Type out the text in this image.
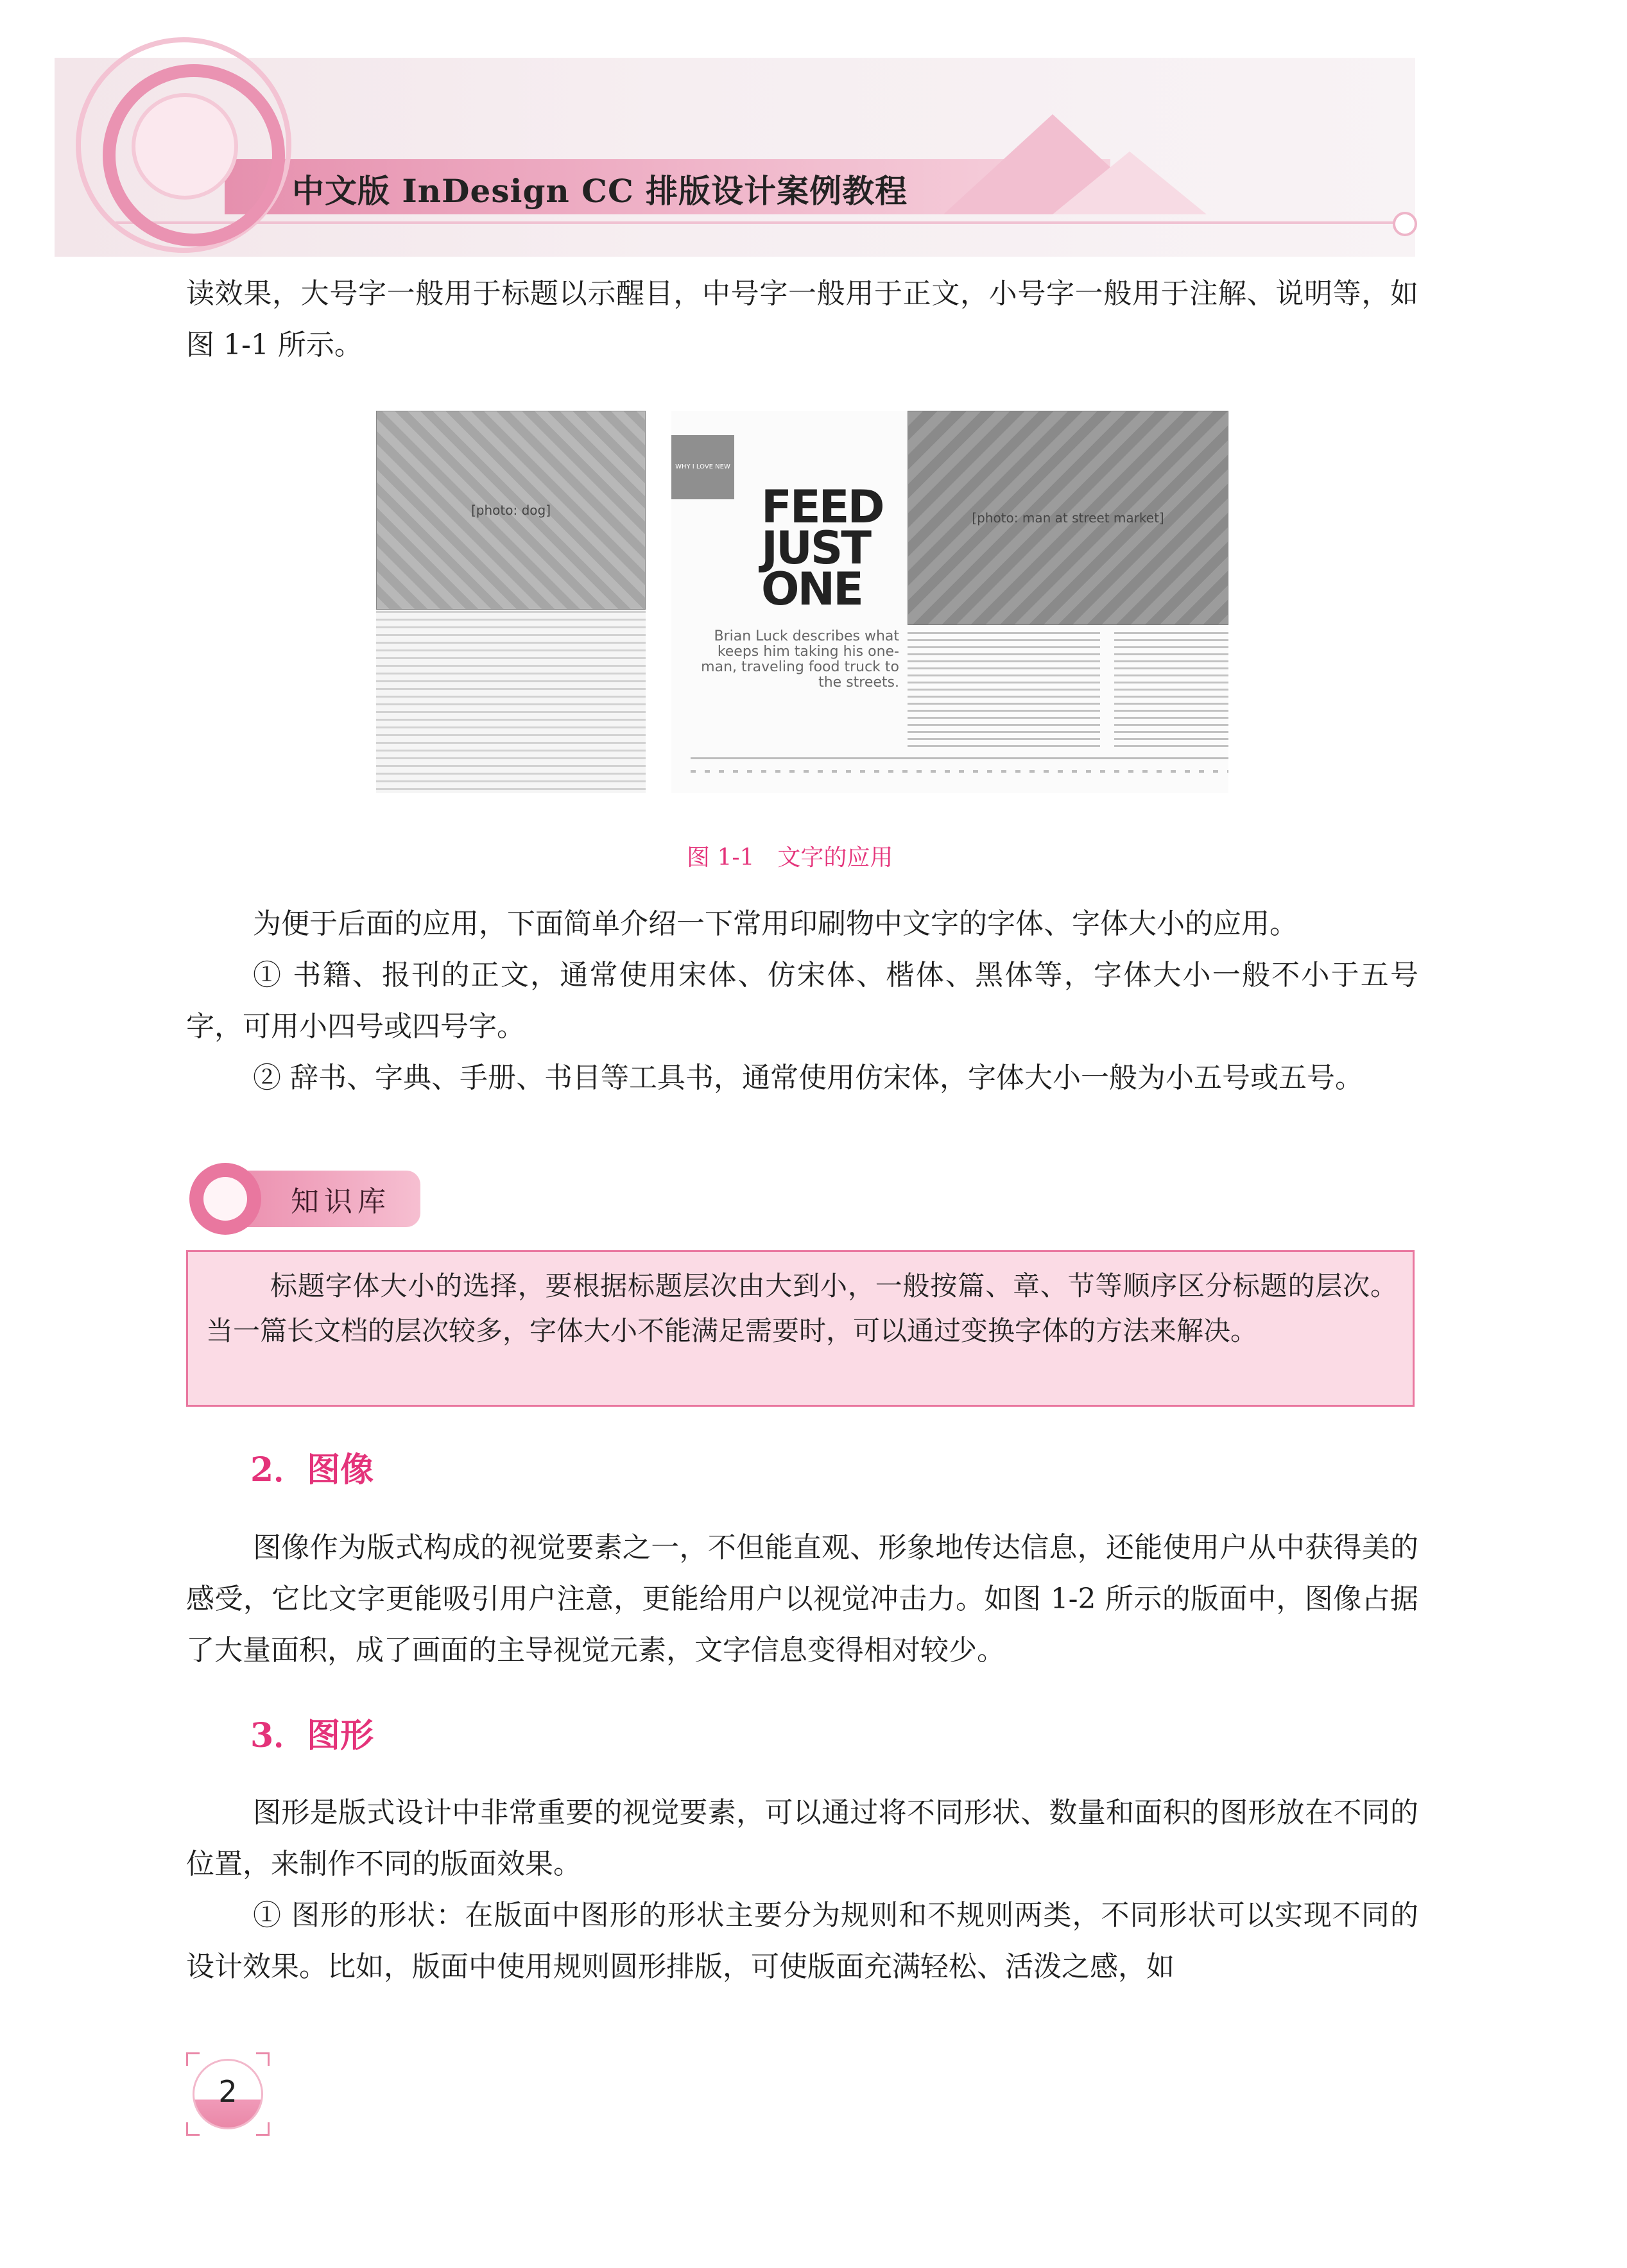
中文版 InDesign CC 排版设计案例教程

读效果，大号字一般用于标题以示醒目，中号字一般用于正文，小号字一般用于注解、说明等，如图 1-1 所示。

[photo: dog]
WHY I LOVE NEW
FEED
JUST
ONE
Brian Luck describes what keeps him taking his one-man, traveling food truck to the streets.
[photo: man at street market]
图 1-1　文字的应用

为便于后面的应用，下面简单介绍一下常用印刷物中文字的字体、字体大小的应用。

① 书籍、报刊的正文，通常使用宋体、仿宋体、楷体、黑体等，字体大小一般不小于五号字，可用小四号或四号字。

② 辞书、字典、手册、书目等工具书，通常使用仿宋体，字体大小一般为小五号或五号。

知识库

标题字体大小的选择，要根据标题层次由大到小，一般按篇、章、节等顺序区分标题的层次。当一篇长文档的层次较多，字体大小不能满足需要时，可以通过变换字体的方法来解决。

2．图像

图像作为版式构成的视觉要素之一，不但能直观、形象地传达信息，还能使用户从中获得美的感受，它比文字更能吸引用户注意，更能给用户以视觉冲击力。如图 1-2 所示的版面中，图像占据了大量面积，成了画面的主导视觉元素，文字信息变得相对较少。

3．图形

图形是版式设计中非常重要的视觉要素，可以通过将不同形状、数量和面积的图形放在不同的位置，来制作不同的版面效果。

① 图形的形状：在版面中图形的形状主要分为规则和不规则两类，不同形状可以实现不同的设计效果。比如，版面中使用规则圆形排版，可使版面充满轻松、活泼之感，如

2
